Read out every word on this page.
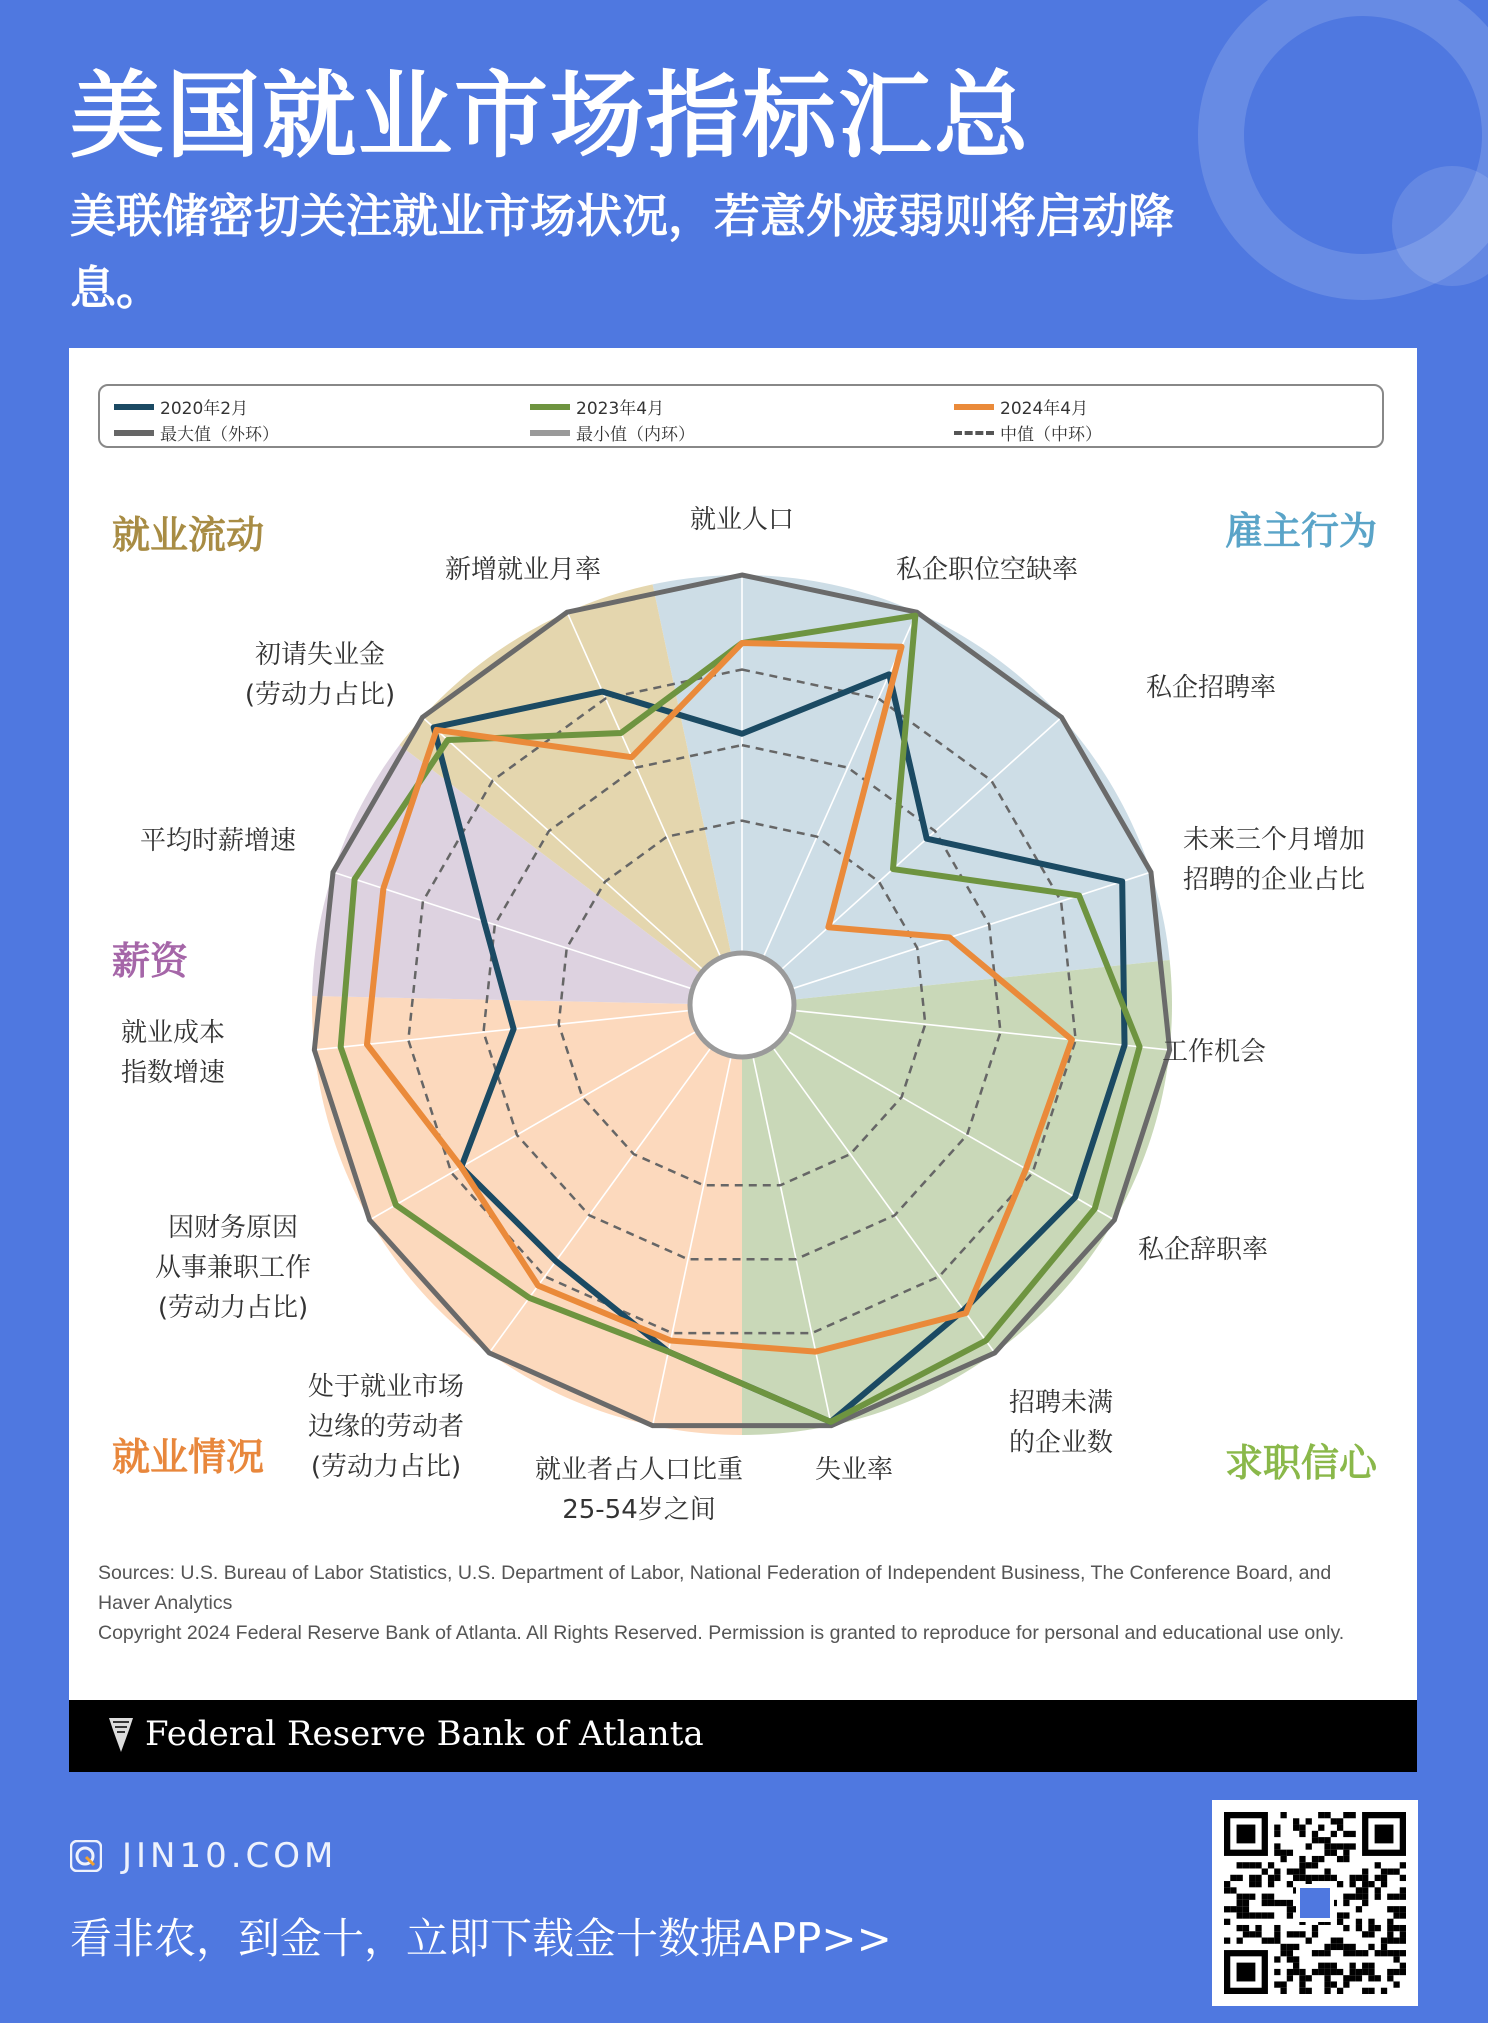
美国就业市场指标汇总
美联储密切关注就业市场状况，若意外疲弱则将启动降息。
2020年2月
最大值（外环）
2023年4月
最小值（内环）
2024年4月
中值（中环）
就业人口
私企职位空缺率
私企招聘率
未来三个月增加招聘的企业占比
工作机会
私企辞职率
招聘未满的企业数
失业率
就业者占人口比重 25-54岁之间
处于就业市场边缘的劳动者(劳动力占比)
因财务原因从事兼职工作(劳动力占比)
就业成本指数增速
平均时薪增速
初请失业金(劳动力占比)
新增就业月率
就业流动	雇主行为
薪资
求职信心
就业情况
Sources: U.S. Bureau of Labor Statistics, U.S. Department of Labor, National Federation of Independent Business, The Conference Board, and Haver Analytics
Copyright 2024 Federal Reserve Bank of Atlanta. All Rights Reserved. Permission is granted to reproduce for personal and educational use only.
Federal Reserve Bank of Atlanta
JIN10.COM
看非农，到金十，立即下载金十数据APP>>
